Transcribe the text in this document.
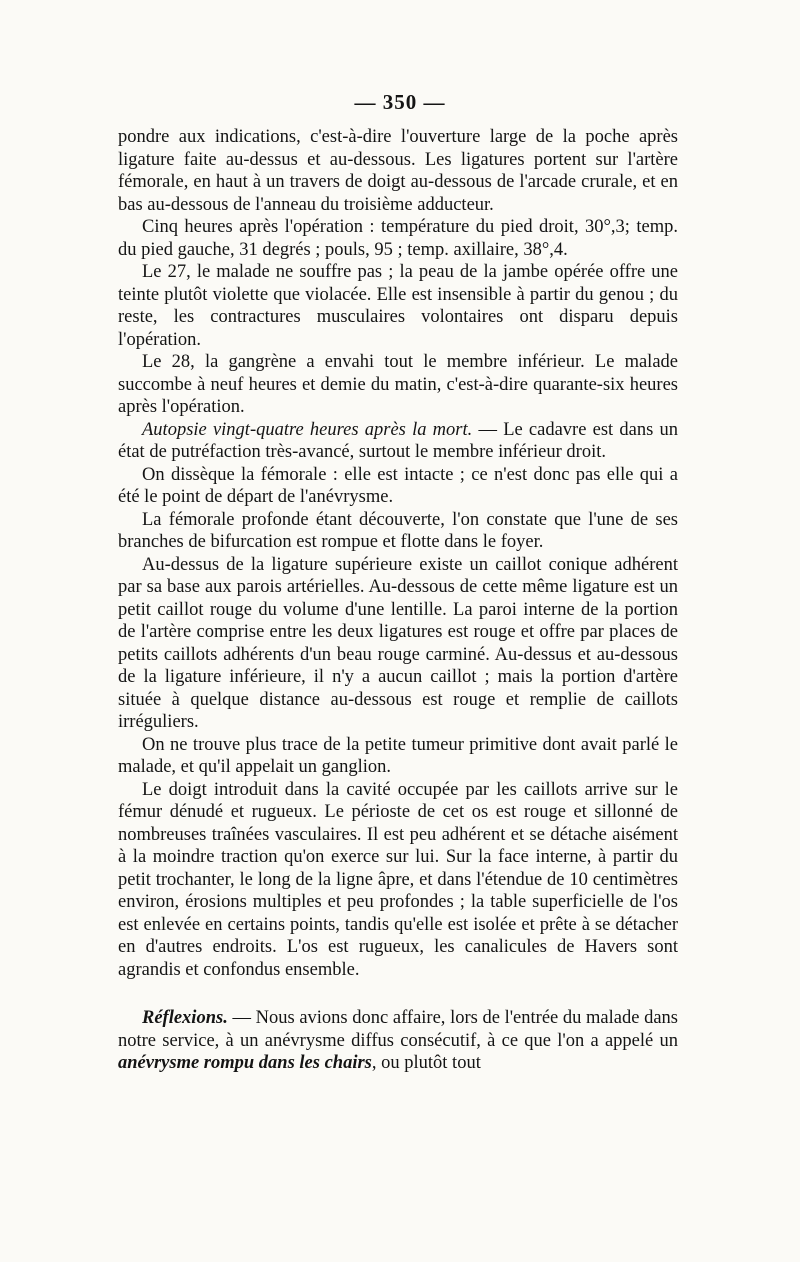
— 350 —

pondre aux indications, c'est-à-dire l'ouverture large de la poche après ligature faite au-dessus et au-dessous. Les ligatures portent sur l'artère fémorale, en haut à un travers de doigt au-dessous de l'arcade crurale, et en bas au-dessous de l'anneau du troisième adducteur.

Cinq heures après l'opération : température du pied droit, 30°,3; temp. du pied gauche, 31 degrés ; pouls, 95 ; temp. axillaire, 38°,4.

Le 27, le malade ne souffre pas ; la peau de la jambe opérée offre une teinte plutôt violette que violacée. Elle est insensible à partir du genou ; du reste, les contractures musculaires volontaires ont disparu depuis l'opération.

Le 28, la gangrène a envahi tout le membre inférieur. Le malade succombe à neuf heures et demie du matin, c'est-à-dire quarante-six heures après l'opération.

Autopsie vingt-quatre heures après la mort. — Le cadavre est dans un état de putréfaction très-avancé, surtout le membre inférieur droit.

On dissèque la fémorale : elle est intacte ; ce n'est donc pas elle qui a été le point de départ de l'anévrysme.

La fémorale profonde étant découverte, l'on constate que l'une de ses branches de bifurcation est rompue et flotte dans le foyer.

Au-dessus de la ligature supérieure existe un caillot conique adhérent par sa base aux parois artérielles. Au-dessous de cette même ligature est un petit caillot rouge du volume d'une lentille. La paroi interne de la portion de l'artère comprise entre les deux ligatures est rouge et offre par places de petits caillots adhérents d'un beau rouge carminé. Au-dessus et au-dessous de la ligature inférieure, il n'y a aucun caillot ; mais la portion d'artère située à quelque distance au-dessous est rouge et remplie de caillots irréguliers.

On ne trouve plus trace de la petite tumeur primitive dont avait parlé le malade, et qu'il appelait un ganglion.

Le doigt introduit dans la cavité occupée par les caillots arrive sur le fémur dénudé et rugueux. Le périoste de cet os est rouge et sillonné de nombreuses traînées vasculaires. Il est peu adhérent et se détache aisément à la moindre traction qu'on exerce sur lui. Sur la face interne, à partir du petit trochanter, le long de la ligne âpre, et dans l'étendue de 10 centimètres environ, érosions multiples et peu profondes ; la table superficielle de l'os est enlevée en certains points, tandis qu'elle est isolée et prête à se détacher en d'autres endroits. L'os est rugueux, les canalicules de Havers sont agrandis et confondus ensemble.

Réflexions. — Nous avions donc affaire, lors de l'entrée du malade dans notre service, à un anévrysme diffus consécutif, à ce que l'on a appelé un anévrysme rompu dans les chairs, ou plutôt tout
